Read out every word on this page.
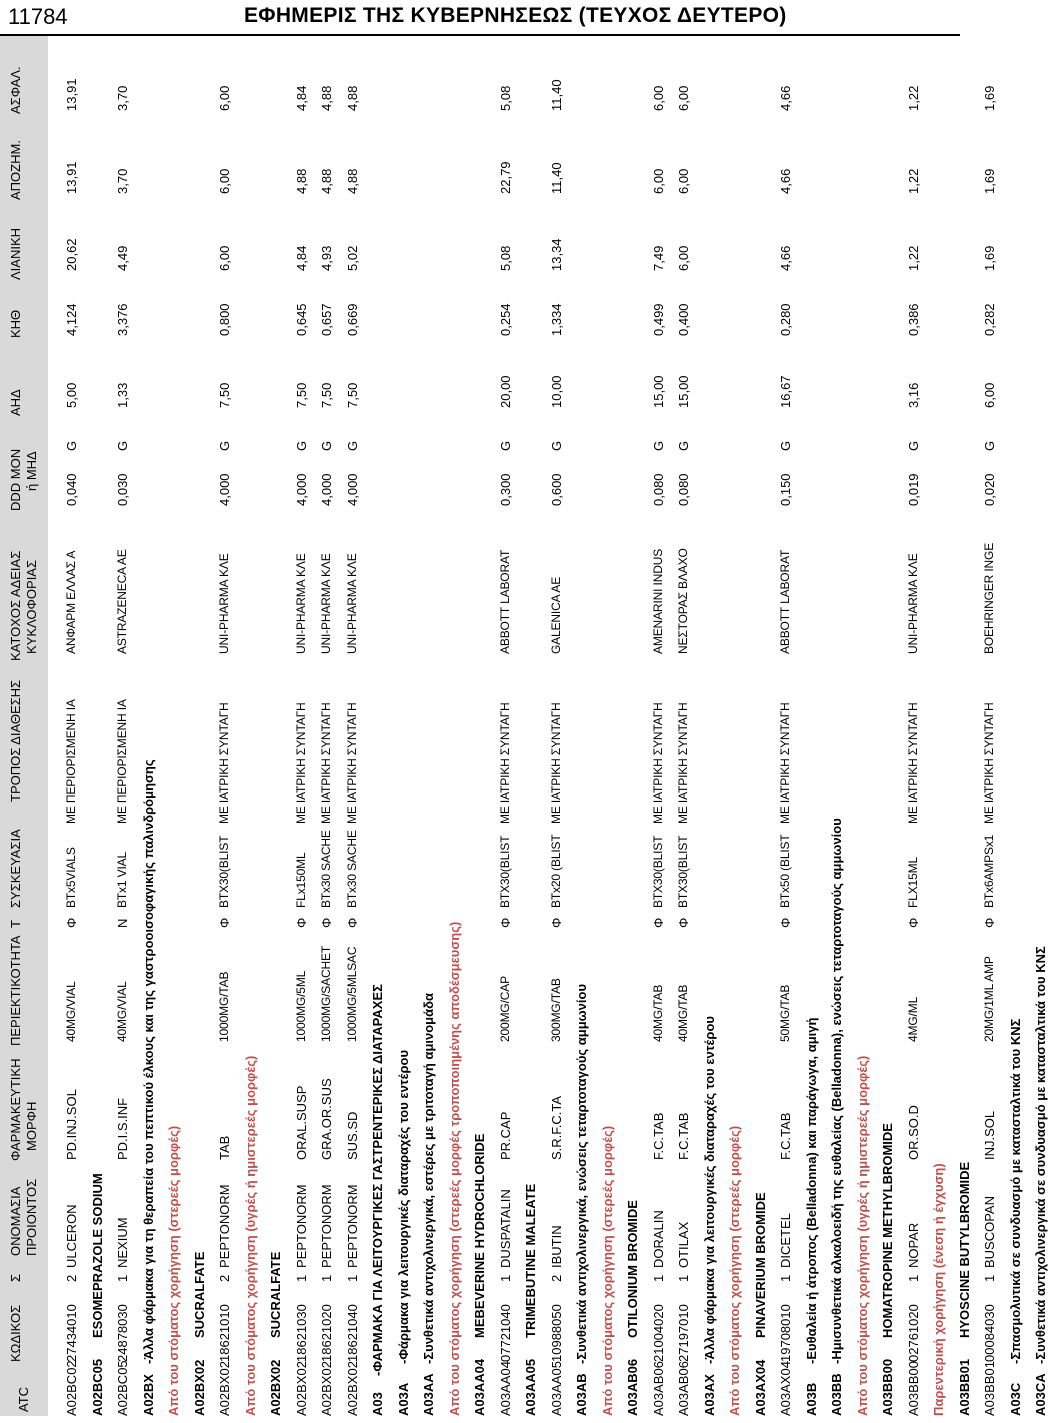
11784	ΕΦΗΜΕΡΙΣ ΤΗΣ ΚΥΒΕΡΝΗΣΕΩΣ (ΤΕΥΧΟΣ ΔΕΥΤΕΡΟ)
ATC
ΚΩΔΙΚΟΣ
Σ
ΟΝΟΜΑΣΙΑ ΠΡΟΙΟΝΤΟΣ
ΦΑΡΜΑΚΕΥΤΙΚΗ ΜΟΡΦΗ
ΠΕΡΙΕΚΤΙΚΟΤΗΤΑ
Τ
ΣΥΣΚΕΥΑΣΙΑ
ΤΡΟΠΟΣ ΔΙΑΘΕΣΗΣ
ΚΑΤΟΧΟΣ ΑΔΕΙΑΣ ΚΥΚΛΟΦΟΡΙΑΣ
DDD ΜΟΝ ή ΜΗΔ
ΑΗΔ
ΚΗΘ
ΛΙΑΝΙΚΗ
ΑΠΟΖΗΜ.
ΑΣΦΑΛ.
A02BC02
27434010
2
ULCERON
PD.INJ.SOL
40MG/VIAL
Φ
BTx5VIALS
ΜΕ ΠΕΡΙΟΡΙΣΜΕΝΗ ΙΑ
ΑΝΦΑΡΜ ΕΛΛΑΣ Α
0,040
G
5,00
4,124
20,62
13,91
13,91
A02BC05
ESOMEPRAZOLE SODIUM
A02BC05
24878030
1
NEXIUM
PD.I.S.INF
40MG/VIAL
Ν
BTx1 VIAL
ΜΕ ΠΕΡΙΟΡΙΣΜΕΝΗ ΙΑ
ASTRAZENECA AE
0,030
G
1,33
3,376
4,49
3,70
3,70
A02BX
-Άλλα φάρμακα για τη θεραπεία του πεπτικού έλκους και της γαστροοισοφαγικής παλινδρόμησης Από του στόματος χορήγηση (στερεές μορφές) A02BX02
SUCRALFATE
A02BX02
18621010
2
PEPTONORM
TAB
1000MG/TAB
Φ
BTX30(BLIST
ΜΕ ΙΑΤΡΙΚΗ ΣΥΝΤΑΓΗ
UNI-PHARMA ΚΛΕ
4,000
G
7,50
0,800
6,00
6,00
6,00
Από του στόματος χορήγηση (υγρές ή ημιστερεές μορφές) A02BX02
SUCRALFATE
A02BX02
18621030
1
PEPTONORM
ORAL.SUSP
1000MG/5ML
Φ
FLx150ML
ΜΕ ΙΑΤΡΙΚΗ ΣΥΝΤΑΓΗ
UNI-PHARMA ΚΛΕ
4,000
G
7,50
0,645
4,84
4,88
4,84
A02BX02
18621020
1
PEPTONORM
GRA.OR.SUS
1000MG/SACHET
Φ
BTx30 SACHE
ΜΕ ΙΑΤΡΙΚΗ ΣΥΝΤΑΓΗ
UNI-PHARMA ΚΛΕ
4,000
G
7,50
0,657
4,93
4,88
4,88
A02BX02
18621040
1
PEPTONORM
SUS.SD
1000MG/5MLSAC
Φ
BTx30 SACHE
ΜΕ ΙΑΤΡΙΚΗ ΣΥΝΤΑΓΗ
UNI-PHARMA ΚΛΕ
4,000
G
7,50
0,669
5,02
4,88
4,88
A03
-ΦΑΡΜΑΚΑ ΓΙΑ ΛΕΙΤΟΥΡΓΙΚΕΣ ΓΑΣΤΡΕΝΤΕΡΙΚΕΣ ΔΙΑΤΑΡΑΧΕΣ
A03A
-Φάρμακα για λειτουργικές διαταραχές του εντέρου
A03AA
-Συνθετικά αντιχολινεργικά, εστέρες με τριτοταγή αμινομάδα Από του στόματος χορήγηση (στερεές μορφές τροποποιημένης αποδέσμευσης) A03AA04
MEBEVERINE HYDROCHLORIDE
A03AA04
07721040
1
DUSPATALIN
PR.CAP
200MG/CAP
Φ
BTX30(BLIST
ΜΕ ΙΑΤΡΙΚΗ ΣΥΝΤΑΓΗ
ABBOTT LABORAT
0,300
G
20,00
0,254
5,08
22,79
5,08
A03AA05
TRIMEBUTINE MALEATE
A03AA05
10988050
2
IBUTIN
S.R.F.C.TA
300MG/TAB
Φ
BTx20 (BLIST
ΜΕ ΙΑΤΡΙΚΗ ΣΥΝΤΑΓΗ
GALENICA AE
0,600
G
10,00
1,334
13,34
11,40
11,40
A03AB
-Συνθετικά αντιχολινεργικά, ενώσεις τεταρτοταγούς αμμωνίου Από του στόματος χορήγηση (στερεές μορφές) A03AB06
OTILONIUM BROMIDE
A03AB06
21004020
1
DORALIN
F.C.TAB
40MG/TAB
Φ
BTX30(BLIST
ΜΕ ΙΑΤΡΙΚΗ ΣΥΝΤΑΓΗ
AMENARINI INDUS
0,080
G
15,00
0,499
7,49
6,00
6,00
A03AB06
27197010
1
OTILAX
F.C.TAB
40MG/TAB
Φ
BTX30(BLIST
ΜΕ ΙΑΤΡΙΚΗ ΣΥΝΤΑΓΗ
ΝΕΣΤΟΡΑΣ ΒΛΑΧΟ
0,080
G
15,00
0,400
6,00
6,00
6,00
A03AX
-Άλλα φάρμακα για λειτουργικές διαταραχές του εντέρου Από του στόματος χορήγηση (στερεές μορφές) A03AX04
PINAVERIUM BROMIDE
A03AX04
19708010
1
DICETEL
F.C.TAB
50MG/TAB
Φ
BTx50 (BLIST
ΜΕ ΙΑΤΡΙΚΗ ΣΥΝΤΑΓΗ
ABBOTT LABORAT
0,150
G
16,67
0,280
4,66
4,66
4,66
A03B
-Ευθαλεία ή άτροπος (Belladonna) και παράγωγα, αμιγή
A03BB
-Ημισυνθετικά αλκαλοειδή της ευθαλείας (Belladonna), ενώσεις τεταρτοταγούς αμμωνίου Από του στόματος χορήγηση (υγρές ή ημιστερεές μορφές) A03BB00
HOMATROPINE METHYLBROMIDE
A03BB00
02761020
1
NOPAR
OR.SO.D
4MG/ML
Φ
FLX15ML
ΜΕ ΙΑΤΡΙΚΗ ΣΥΝΤΑΓΗ
UNI-PHARMA ΚΛΕ
0,019
G
3,16
0,386
1,22
1,22
1,22
Παρεντερική χορήγηση (ένεση ή έγχυση) A03BB01
HYOSCINE BUTYLBROMIDE
A03BB01
00084030
1
BUSCOPAN
INJ.SOL
20MG/1ML AMP
Φ
BTx6AMPSx1
ΜΕ ΙΑΤΡΙΚΗ ΣΥΝΤΑΓΗ
BOEHRINGER INGE
0,020
G
6,00
0,282
1,69
1,69
1,69
A03C
-Σπασμολυτικά σε συνδυασμό με κατασταλτικά του ΚΝΣ
A03CA
-Συνθετικά αντιχολινεργικά σε συνδυασμό με κατασταλτικά του ΚΝΣ
